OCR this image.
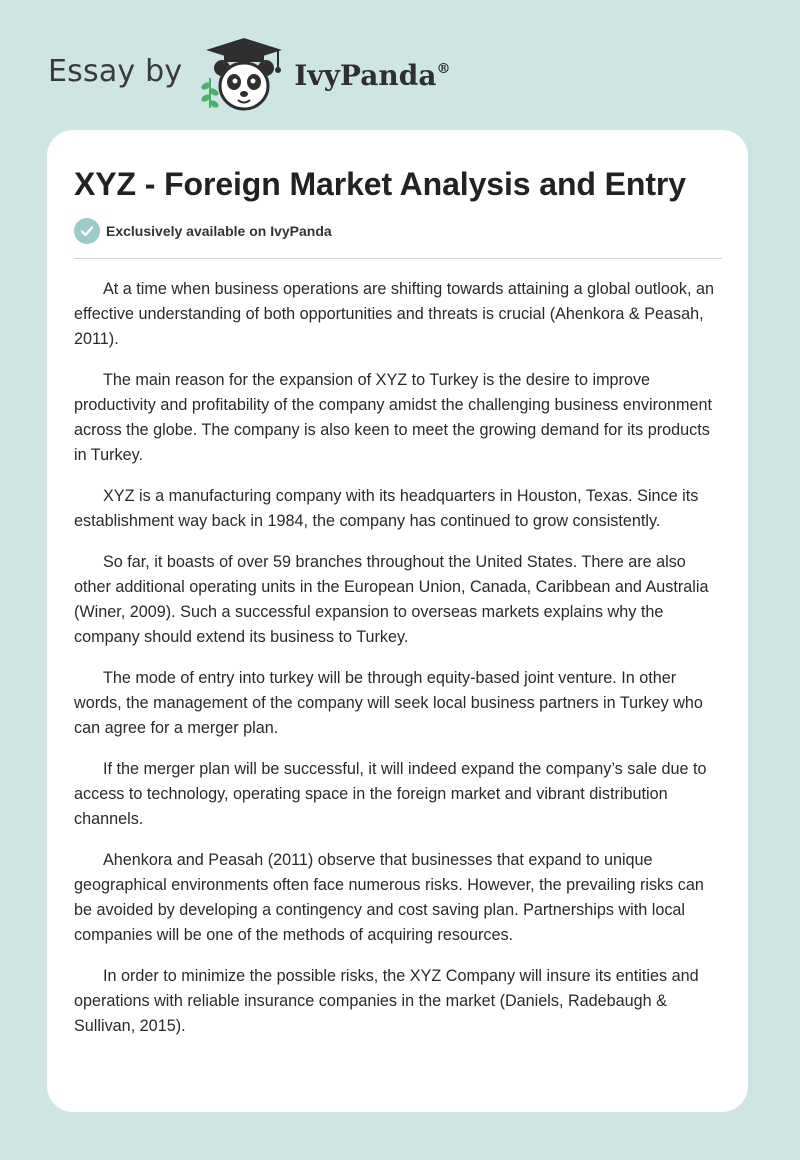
Essay by	IvyPanda®
XYZ - Foreign Market Analysis and Entry
Exclusively available on IvyPanda

At a time when business operations are shifting towards attaining a global outlook, an effective understanding of both opportunities and threats is crucial (Ahenkora & Peasah, 2011).

The main reason for the expansion of XYZ to Turkey is the desire to improve productivity and profitability of the company amidst the challenging business environment across the globe. The company is also keen to meet the growing demand for its products in Turkey.

XYZ is a manufacturing company with its headquarters in Houston, Texas. Since its establishment way back in 1984, the company has continued to grow consistently.

So far, it boasts of over 59 branches throughout the United States. There are also other additional operating units in the European Union, Canada, Caribbean and Australia (Winer, 2009). Such a successful expansion to overseas markets explains why the company should extend its business to Turkey.

The mode of entry into turkey will be through equity-based joint venture. In other words, the management of the company will seek local business partners in Turkey who can agree for a merger plan.

If the merger plan will be successful, it will indeed expand the company’s sale due to access to technology, operating space in the foreign market and vibrant distribution channels.

Ahenkora and Peasah (2011) observe that businesses that expand to unique geographical environments often face numerous risks. However, the prevailing risks can be avoided by developing a contingency and cost saving plan. Partnerships with local companies will be one of the methods of acquiring resources.

In order to minimize the possible risks, the XYZ Company will insure its entities and operations with reliable insurance companies in the market (Daniels, Radebaugh & Sullivan, 2015).
